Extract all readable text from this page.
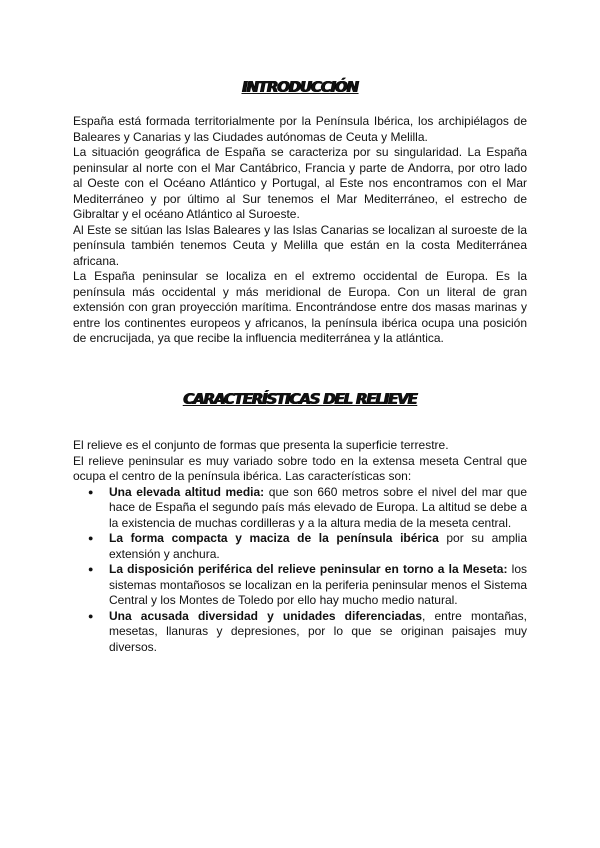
INTRODUCCIÓN

España está formada territorialmente por la Península Ibérica, los archipiélagos de Baleares y Canarias y las Ciudades autónomas de Ceuta y Melilla.

La situación geográfica de España se caracteriza por su singularidad. La España peninsular al norte con el Mar Cantábrico, Francia y parte de Andorra, por otro lado al Oeste con el Océano Atlántico y Portugal, al Este nos encontramos con el Mar Mediterráneo y por último al Sur tenemos el Mar Mediterráneo, el estrecho de Gibraltar y el océano Atlántico al Suroeste.

Al Este se sitúan las Islas Baleares y las Islas Canarias se localizan al suroeste de la península también tenemos Ceuta y Melilla que están en la costa Mediterránea africana.

La España peninsular se localiza en el extremo occidental de Europa. Es la península más occidental y más meridional de Europa. Con un literal de gran extensión con gran proyección marítima. Encontrándose entre dos masas marinas y entre los continentes europeos y africanos, la península ibérica ocupa una posición de encrucijada, ya que recibe la influencia mediterránea y la atlántica.

CARACTERÍSTICAS DEL RELIEVE

El relieve es el conjunto de formas que presenta la superficie terrestre.

El relieve peninsular es muy variado sobre todo en la extensa meseta Central que ocupa el centro de la península ibérica. Las características son:

● Una elevada altitud media: que son 660 metros sobre el nivel del mar que hace de España el segundo país más elevado de Europa. La altitud se debe a la existencia de muchas cordilleras y a la altura media de la meseta central.
● La forma compacta y maciza de la península ibérica por su amplia extensión y anchura.
● La disposición periférica del relieve peninsular en torno a la Meseta: los sistemas montañosos se localizan en la periferia peninsular menos el Sistema Central y los Montes de Toledo por ello hay mucho medio natural.
● Una acusada diversidad y unidades diferenciadas, entre montañas, mesetas, llanuras y depresiones, por lo que se originan paisajes muy diversos.
